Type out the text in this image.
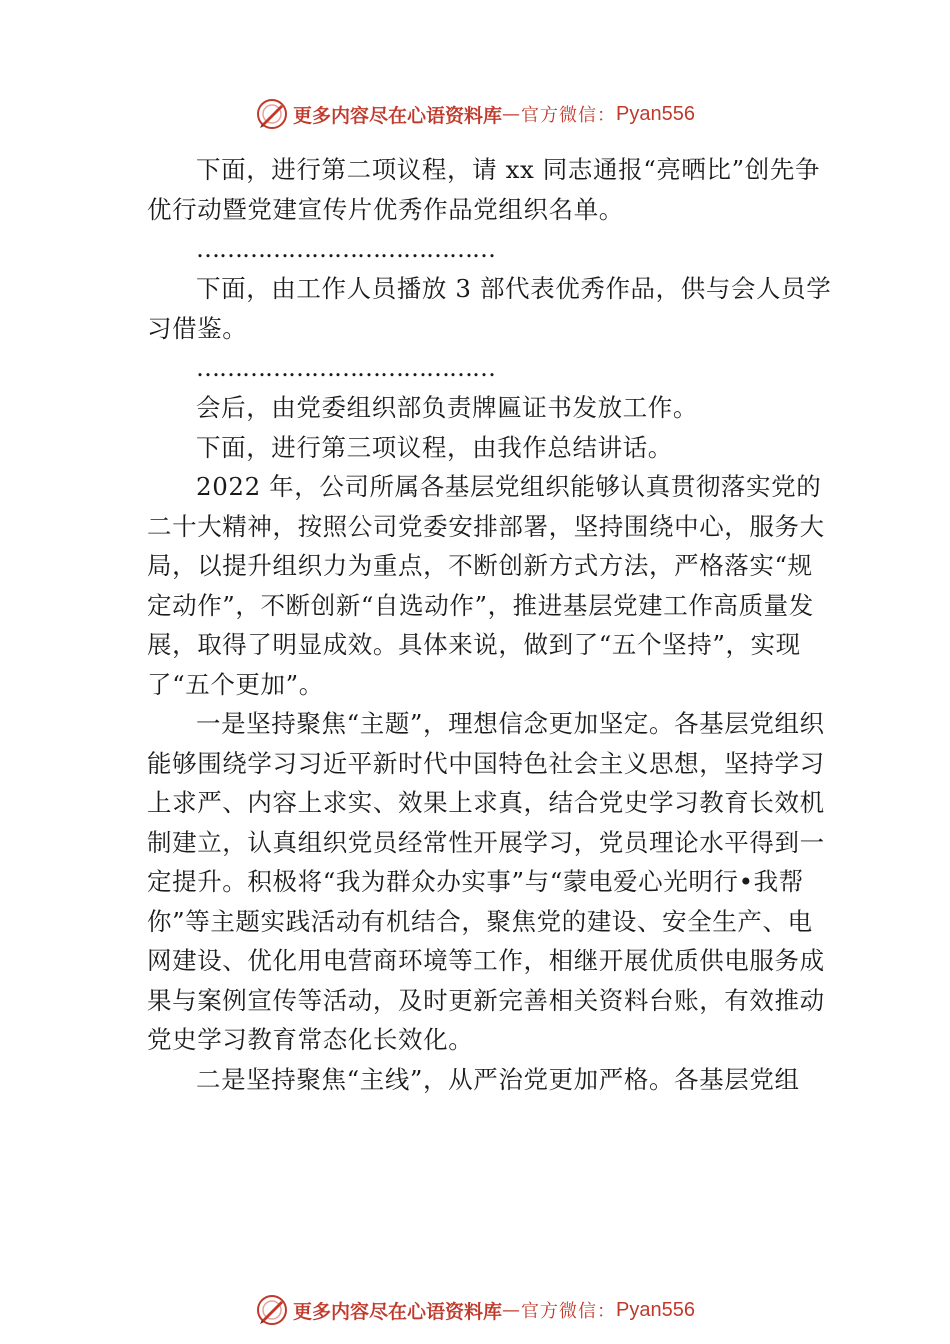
更多内容尽在心语资料库 — 官方微信： Pyan556

下面，进行第二项议程，请 xx 同志通报“亮晒比”创先争优行动暨党建宣传片优秀作品党组织名单。

…………………………………

下面，由工作人员播放 3 部代表优秀作品，供与会人员学习借鉴。

…………………………………

会后，由党委组织部负责牌匾证书发放工作。

下面，进行第三项议程，由我作总结讲话。

2022 年，公司所属各基层党组织能够认真贯彻落实党的二十大精神，按照公司党委安排部署，坚持围绕中心，服务大局，以提升组织力为重点，不断创新方式方法，严格落实“规定动作”，不断创新“自选动作”，推进基层党建工作高质量发展，取得了明显成效。具体来说，做到了“五个坚持”，实现了“五个更加”。

一是坚持聚焦“主题”，理想信念更加坚定。各基层党组织能够围绕学习习近平新时代中国特色社会主义思想，坚持学习上求严、内容上求实、效果上求真，结合党史学习教育长效机制建立，认真组织党员经常性开展学习，党员理论水平得到一定提升。积极将“我为群众办实事”与“蒙电爱心光明行•我帮你”等主题实践活动有机结合，聚焦党的建设、安全生产、电网建设、优化用电营商环境等工作，相继开展优质供电服务成果与案例宣传等活动，及时更新完善相关资料台账，有效推动党史学习教育常态化长效化。

二是坚持聚焦“主线”，从严治党更加严格。各基层党组

更多内容尽在心语资料库 — 官方微信： Pyan556
